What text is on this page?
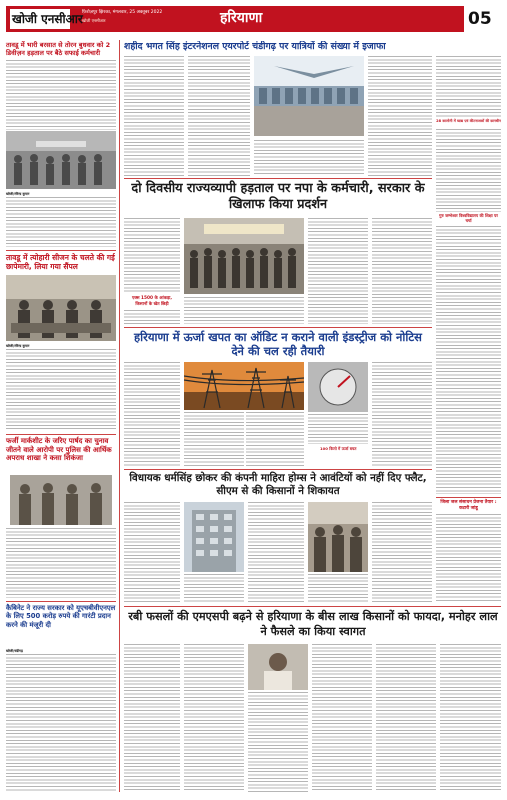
खोजी एनसीआर फ़िरोज़पुर झिरका, मंगलवार, 25 अक्तूबर 2022
खोजी एनसीआर	हरियाणा	05
तावडू में भारी बरसात से तोरन बुधवार को 2 डिवीज़न हड़ताल पर बैठे सफाई कर्मचारी
खोजी/रविन्द्र कुमार
तावडू में त्योहारी सीजन के चलते की गई छापेमारी, लिया गया सैंपल
खोजी/रविन्द्र कुमार
फर्जी मार्कशीट के जरिए पार्षद का चुनाव जीतने वाले आरोपी पर पुलिस की आर्थिक अपराध शाखा ने कसा शिकंजा
कैबिनेट ने राज्य सरकार को यूएचबीवीएनएल के लिए 500 करोड़ रुपये की गारंटी प्रदान करने की मंजूरी दी
खोजी/चंडीगढ़
शहीद भगत सिंह इंटरनेशनल एयरपोर्ट चंडीगढ़ पर यात्रियों की संख्या में इजाफा
28 कालोनी में खाद्य एवं कीटनाशकों की छानबीन
दो दिवसीय राज्यव्यापी हड़ताल पर नपा के कर्मचारी, सरकार के खिलाफ किया प्रदर्शन
एक्स 1500 के आंकड़ा,
किसानों के खेत छिड़ी
गुरु जम्भेश्वर विश्वविद्यालय की शिक्षा पर चर्चा
हरियाणा में ऊर्जा खपत का ऑडिट न कराने वाली इंडस्ट्रीज को नोटिस देने की चल रही तैयारी
100 किलो में ऊर्जा बचत
विधायक धर्मसिंह छोकर की कंपनी माहिरा होम्स ने आवंटियों को नहीं दिए फ्लैट, सीएम से की किसानों ने शिकायत
जिला जल संसाधन प्रेजना तैयार : कटारी जांडू
रबी फसलों की एमएसपी बढ़ने से हरियाणा के बीस लाख किसानों को फायदा, मनोहर लाल ने फैसले का किया स्वागत
